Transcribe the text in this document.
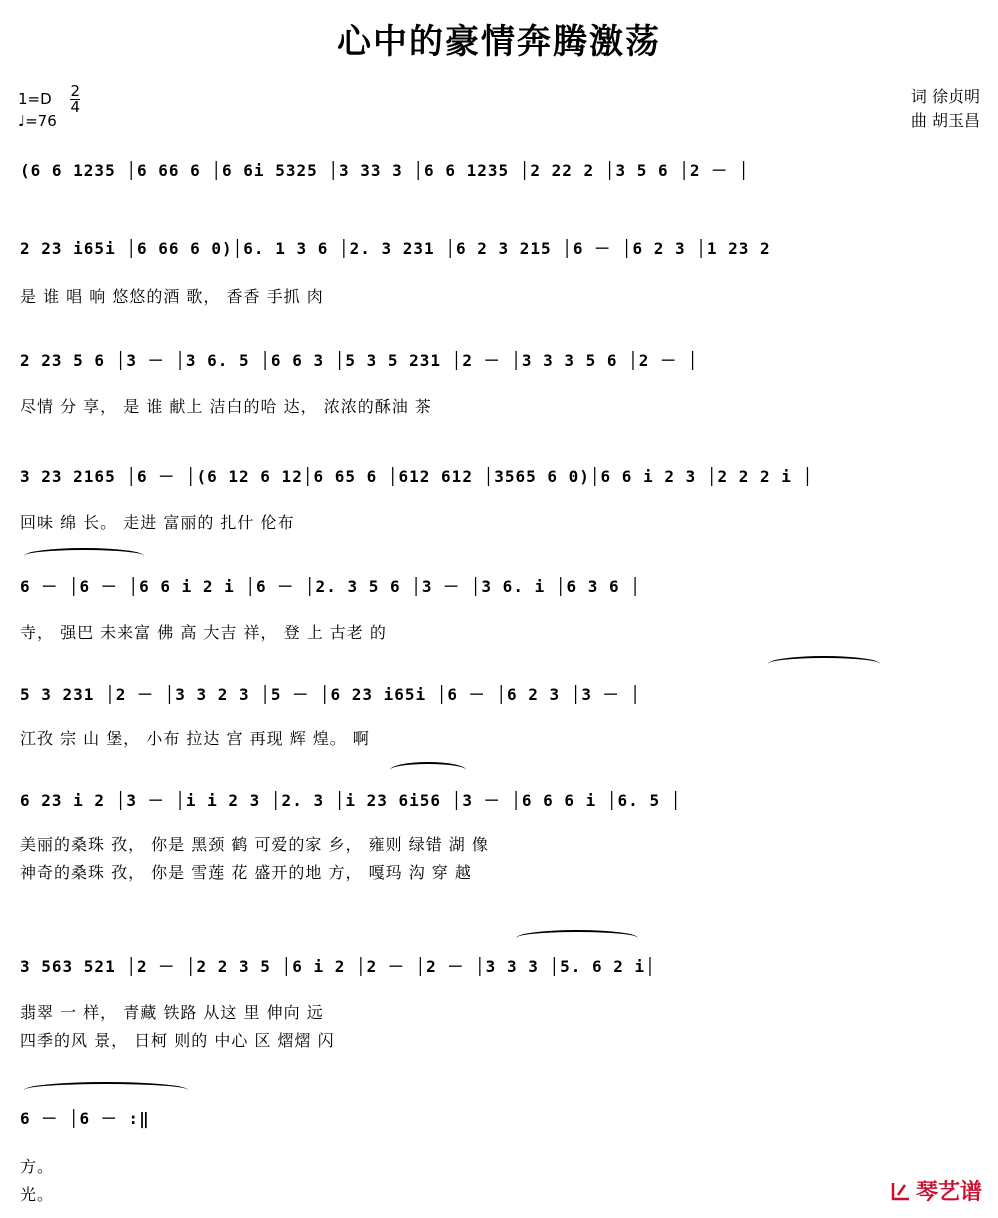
心中的豪情奔腾激荡
$1=D \frac{2}{4}$
♩=76
词 徐贞明
曲 胡玉昌
(6 6 1235 │6 66 6 │6 6i 5325 │3 33 3 │6 6 1235 │2 22 2 │3 5 6 │2 － │
2 23 i65i │6 66 6 0)│6. 1 3 6 │2. 3 231 │6 2 3 215 │6 － │6 2 3 │1 23 2
是 谁 唱 响 悠悠的酒 歌， 香香 手抓 肉
2 23 5 6 │3 － │3 6. 5 │6 6 3 │5 3 5 231 │2 － │3 3 3 5 6 │2 － │
尽情 分 享， 是 谁 献上 洁白的哈 达， 浓浓的酥油 茶
3 23 2165 │6 － │(6 12 6 12│6 65 6 │612 612 │3565 6 0)│6 6 i 2 3 │2 2 2 i │
回味 绵 长。 走进 富丽的 扎什 伦布
6 － │6 － │6 6 i 2 i │6 － │2. 3 5 6 │3 － │3 6. i │6 3 6 │
寺， 强巴 未来富 佛 高 大吉 祥， 登 上 古老 的
5 3 231 │2 － │3 3 2 3 │5 － │6 23 i65i │6 － │6 2 3 │3 － │
江孜 宗 山 堡， 小布 拉达 宫 再现 辉 煌。 啊
6 23 i 2 │3 － │i i 2 3 │2. 3 │i 23 6i56 │3 － │6 6 6 i │6. 5 │
美丽的桑珠 孜， 你是 黑颈 鹤 可爱的家 乡， 雍则 绿错 湖 像
神奇的桑珠 孜， 你是 雪莲 花 盛开的地 方， 嘎玛 沟 穿 越
3 563 521 │2 － │2 2 3 5 │6 i 2 │2 － │2 － │3 3 3 │5. 6 2 i│
翡翠 一 样， 青藏 铁路 从这 里 伸向 远
四季的风 景， 日柯 则的 中心 区 熠熠 闪
6 － │6 － :‖
方。
光。	琴艺谱
